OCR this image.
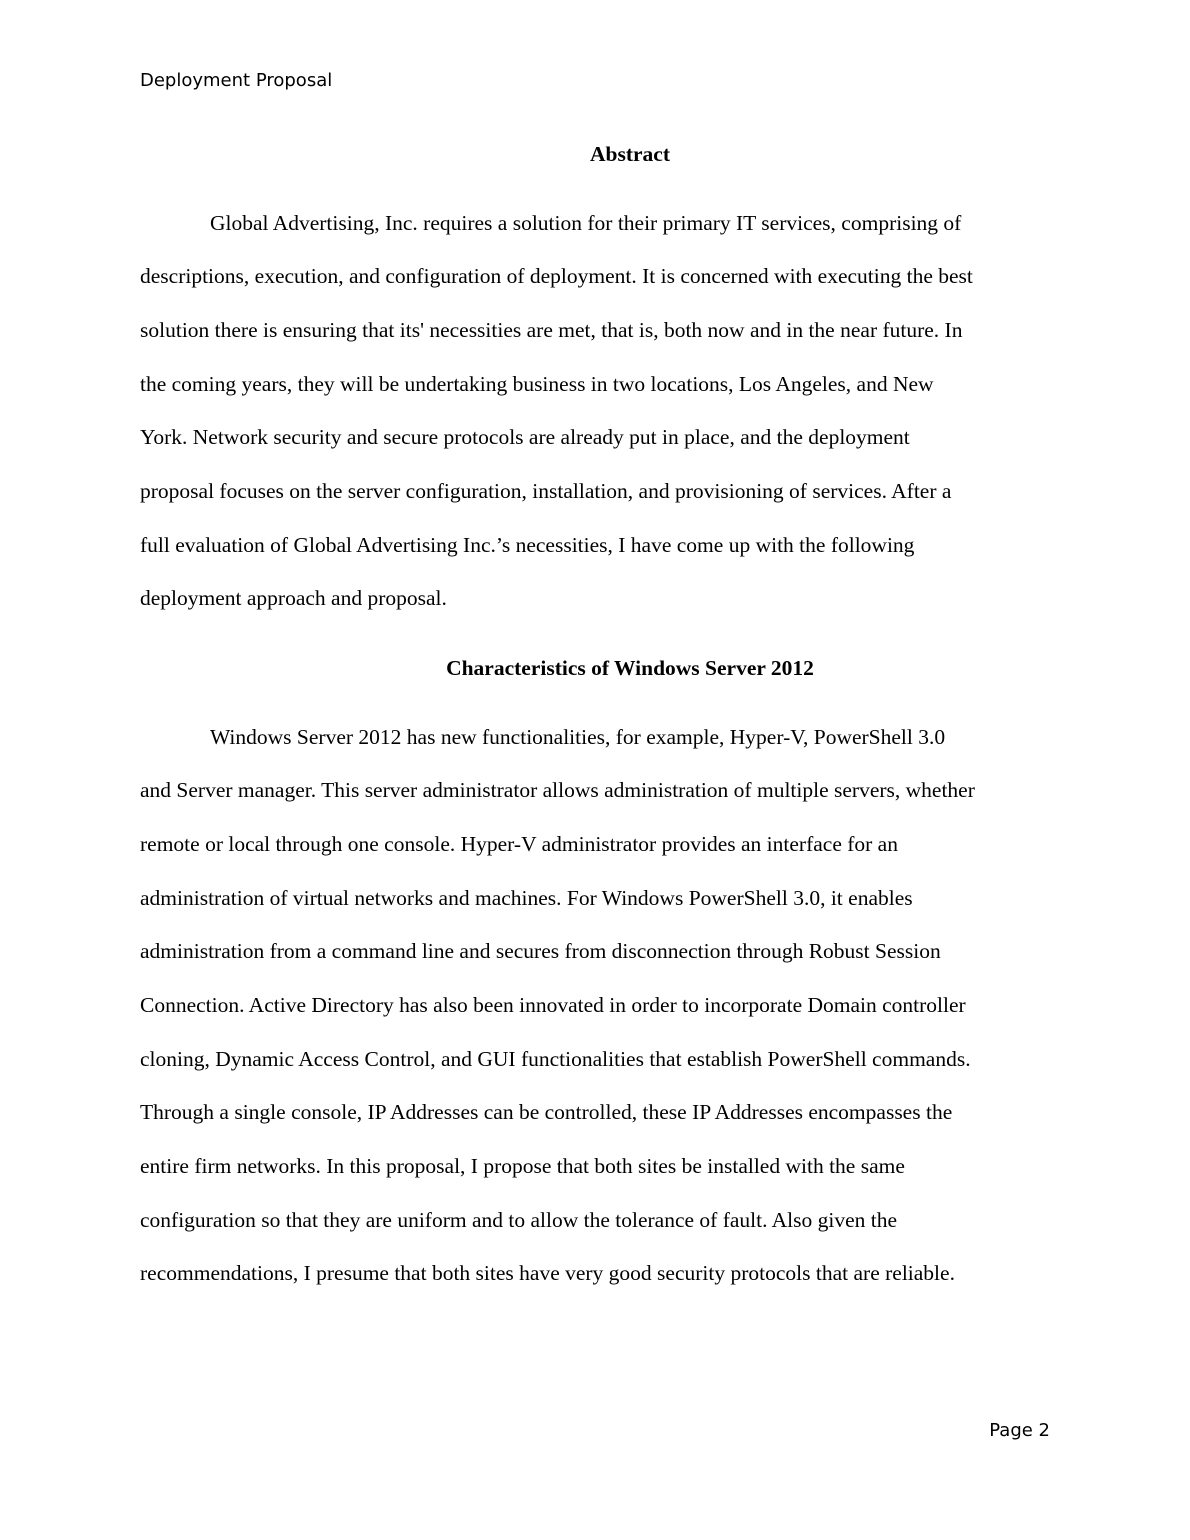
Deployment Proposal
Abstract
Global Advertising, Inc. requires a solution for their primary IT services, comprising of
descriptions, execution, and configuration of deployment. It is concerned with executing the best
solution there is ensuring that its' necessities are met, that is, both now and in the near future. In
the coming years, they will be undertaking business in two locations, Los Angeles, and New
York. Network security and secure protocols are already put in place, and the deployment
proposal focuses on the server configuration, installation, and provisioning of services. After a
full evaluation of Global Advertising Inc.’s necessities, I have come up with the following
deployment approach and proposal.
Characteristics of Windows Server 2012
Windows Server 2012 has new functionalities, for example, Hyper-V, PowerShell 3.0
and Server manager. This server administrator allows administration of multiple servers, whether
remote or local through one console. Hyper-V administrator provides an interface for an
administration of virtual networks and machines. For Windows PowerShell 3.0, it enables
administration from a command line and secures from disconnection through Robust Session
Connection. Active Directory has also been innovated in order to incorporate Domain controller
cloning, Dynamic Access Control, and GUI functionalities that establish PowerShell commands.
Through a single console, IP Addresses can be controlled, these IP Addresses encompasses the
entire firm networks. In this proposal, I propose that both sites be installed with the same
configuration so that they are uniform and to allow the tolerance of fault. Also given the
recommendations, I presume that both sites have very good security protocols that are reliable.
Page 2
